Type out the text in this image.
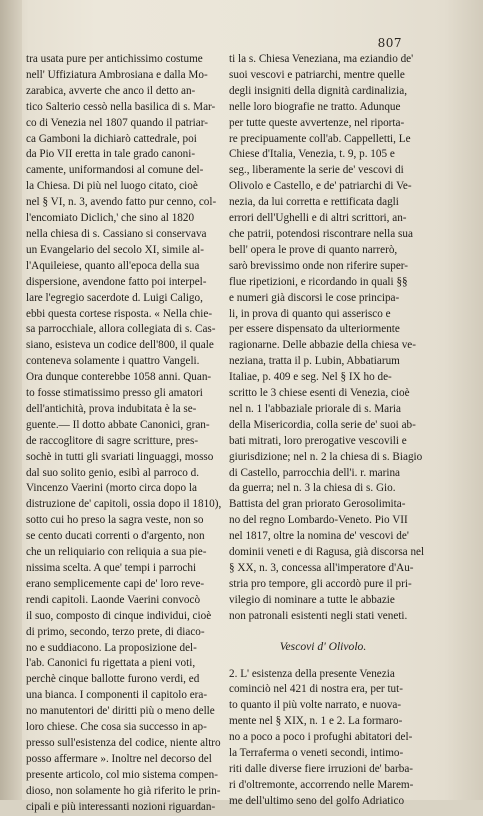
807
tra usata pure per antichissimo costume
nell' Uffiziatura Ambrosiana e dalla Mo-
zarabica, avverte che anco il detto an-
tico Salterio cessò nella basilica di s. Mar-
co di Venezia nel 1807 quando il patriar-
ca Gamboni la dichiarò cattedrale, poi
da Pio VII eretta in tale grado canoni-
camente, uniformandosi al comune del-
la Chiesa. Di più nel luogo citato, cioè
nel § VI, n. 3, avendo fatto pur cenno, col-
l'encomiato Diclich,' che sino al 1820
nella chiesa di s. Cassiano si conservava
un Evangelario del secolo XI, simile al-
l'Aquileiese, quanto all'epoca della sua
dispersione, avendone fatto poi interpel-
lare l'egregio sacerdote d. Luigi Caligo,
ebbi questa cortese risposta. « Nella chie-
sa parrocchiale, allora collegiata di s. Cas-
siano, esisteva un codice dell'800, il quale
conteneva solamente i quattro Vangeli.
Ora dunque conterebbe 1058 anni. Quan-
to fosse stimatissimo presso gli amatori
dell'antichità, prova indubitata è la se-
guente.— Il dotto abbate Canonici, gran-
de raccoglitore di sagre scritture, pres-
sochè in tutti gli svariati linguaggi, mosso
dal suo solito genio, esibì al parroco d.
Vincenzo Vaerini (morto circa dopo la
distruzione de' capitoli, ossia dopo il 1810),
sotto cui ho preso la sagra veste, non so
se cento ducati correnti o d'argento, non
che un reliquiario con reliquia a sua pie-
nissima scelta. A que' tempi i parrochi
erano semplicemente capi de' loro reve-
rendi capitoli. Laonde Vaerini convocò
il suo, composto di cinque individui, cioè
di primo, secondo, terzo prete, di diaco-
no e suddiacono. La proposizione del-
l'ab. Canonici fu rigettata a pieni voti,
perchè cinque ballotte furono verdi, ed
una bianca. I componenti il capitolo era-
no manutentori de' diritti più o meno delle
loro chiese. Che cosa sia successo in ap-
presso sull'esistenza del codice, niente altro
posso affermare ». Inoltre nel decorso del
presente articolo, col mio sistema compen-
dioso, non solamente ho già riferito le prin-
cipali e più interessanti nozioni riguardan-
ti la s. Chiesa Veneziana, ma eziandio de'
suoi vescovi e patriarchi, mentre quelle
degli insigniti della dignità cardinalizia,
nelle loro biografie ne tratto. Adunque
per tutte queste avvertenze, nel riporta-
re precipuamente coll'ab. Cappelletti, Le
Chiese d'Italia, Venezia, t. 9, p. 105 e
seg., liberamente la serie de' vescovi di
Olivolo e Castello, e de' patriarchi di Ve-
nezia, da lui corretta e rettificata dagli
errori dell'Ughelli e di altri scrittori, an-
che patrii, potendosi riscontrare nella sua
bell' opera le prove di quanto narrerò,
sarò brevissimo onde non riferire super-
flue ripetizioni, e ricordando in quali §§
e numeri già discorsi le cose principa-
li, in prova di quanto qui asserisco e
per essere dispensato da ulteriormente
ragionarne. Delle abbazie della chiesa ve-
neziana, tratta il p. Lubin, Abbatiarum
Italiae, p. 409 e seg. Nel § IX ho de-
scritto le 3 chiese esenti di Venezia, cioè
nel n. 1 l'abbaziale priorale di s. Maria
della Misericordia, colla serie de' suoi ab-
bati mitrati, loro prerogative vescovili e
giurisdizione; nel n. 2 la chiesa di s. Biagio
di Castello, parrocchia dell'i. r. marina
da guerra; nel n. 3 la chiesa di s. Gio.
Battista del gran priorato Gerosolimita-
no del regno Lombardo-Veneto. Pio VII
nel 1817, oltre la nomina de' vescovi de'
dominii veneti e di Ragusa, già discorsa nel
§ XX, n. 3, concessa all'imperatore d'Au-
stria pro tempore, gli accordò pure il pri-
vilegio di nominare a tutte le abbazie
non patronali esistenti negli stati veneti.
Vescovi d' Olivolo.
2. L' esistenza della presente Venezia
cominciò nel 421 di nostra era, per tut-
to quanto il più volte narrato, e nuova-
mente nel § XIX, n. 1 e 2. La formaro-
no a poco a poco i profughi abitatori del-
la Terraferma o veneti secondi, intimo-
riti dalle diverse fiere irruzioni de' barba-
ri d'oltremonte, accorrendo nelle Marem-
me dell'ultimo seno del golfo Adriatico
